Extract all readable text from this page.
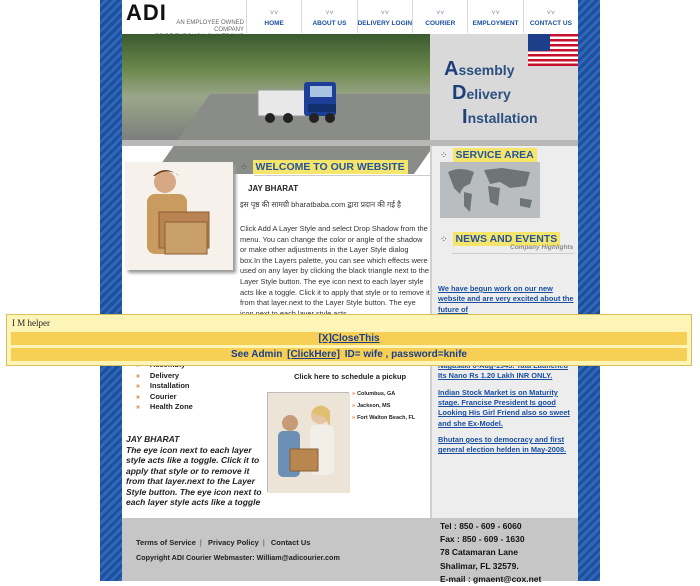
ADI	AN EMPLOYEE OWNED COMPANY
˅˅
HOME
˅˅
ABOUT US
˅˅
DELIVERY LOGIN
˅˅
COURIER
˅˅
EMPLOYMENT
˅˅
CONTACT US
Assembly
Delivery
Installation
⁘ WELCOME TO OUR WEBSITE
JAY BHARAT
इस पृष्ठ की सामग्री bharatbaba.com द्वारा प्रदान की गई है
Click Add A Layer Style and select Drop Shadow from the menu. You can change the color or angle of the shadow or make other adjustments in the Layer Style dialog box.In the Layers palette, you can see which effects were used on any layer by clicking the black triangle next to the Layer Style button. The eye icon next to each layer style acts like a toggle. Click it to apply that style or to remove it from that layer.next to the Layer Style button. The eye
» Delivery
» Installation
» Courier
» Health Zone
Click here to schedule a pickup
» Columbus, GA
» Jackson, MS
» Fort Walton Beach, FL
JAY BHARAT
The eye icon next to each layer style acts like a toggle. Click it to apply that style or to remove it from that layer.next to the Layer Style button. The eye icon next to each layer style acts like a toggle
⁘ SERVICE AREA
⁘ NEWS AND EVENTS
Company Highlights
We have begun work on our new website and are very excited about the future of
Its Nano Rs 1.20 Lakh INR ONLY.
Indian Stock Market is on Maturity stage. Francise President Is good Looking His Girl Friend also so sweet and she Ex-Model.
Bhutan goes to democracy and first general election helden in May-2008.
Terms of Service | Privacy Policy | Contact Us
Copyright ADI Courier Webmaster: William@adicourier.com
Tel : 850 - 609 - 6060
Fax : 850 - 609 - 1630
78 Catamaran Lane
Shalimar, FL 32579.
E-mail : gmaent@cox.net
I M helper
[X]CloseThis
See Admin [ClickHere] ID= wife , password=knife
